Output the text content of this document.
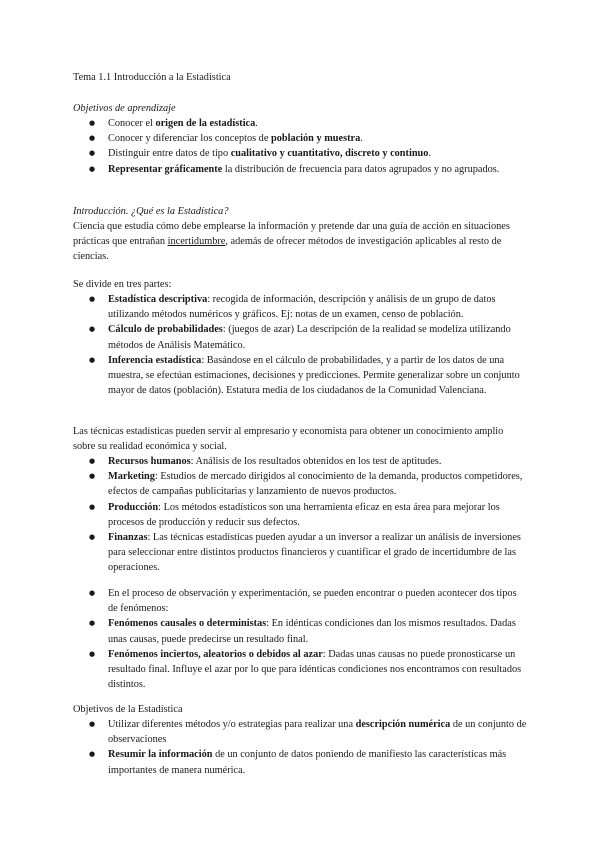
Tema 1.1 Introducción a la Estadística

Objetivos de aprendizaje

● Conocer el origen de la estadística.
● Conocer y diferenciar los conceptos de población y muestra.
● Distinguir entre datos de tipo cualitativo y cuantitativo, discreto y continuo.
● Representar gráficamente la distribución de frecuencia para datos agrupados y no agrupados.

Introducción. ¿Qué es la Estadística?

Ciencia que estudia cómo debe emplearse la información y pretende dar una guía de acción en situaciones prácticas que entrañan incertidumbre, además de ofrecer métodos de investigación aplicables al resto de ciencias.

Se divide en tres partes:

● Estadística descriptiva: recogida de información, descripción y análisis de un grupo de datos utilizando métodos numéricos y gráficos. Ej: notas de un examen, censo de población.
● Cálculo de probabilidades: (juegos de azar) La descripción de la realidad se modeliza utilizando métodos de Análisis Matemático.
● Inferencia estadística: Basándose en el cálculo de probabilidades, y a partir de los datos de una muestra, se efectúan estimaciones, decisiones y predicciones. Permite generalizar sobre un conjunto mayor de datos (población). Estatura media de los ciudadanos de la Comunidad Valenciana.

Las técnicas estadísticas pueden servir al empresario y economista para obtener un conocimiento amplio sobre su realidad económica y social.

● Recursos humanos: Análisis de los resultados obtenidos en los test de aptitudes.
● Marketing: Estudios de mercado dirigidos al conocimiento de la demanda, productos competidores, efectos de campañas publicitarias y lanzamiento de nuevos productos.
● Producción: Los métodos estadísticos son una herramienta eficaz en esta área para mejorar los procesos de producción y reducir sus defectos.
● Finanzas: Las técnicas estadísticas pueden ayudar a un inversor a realizar un análisis de inversiones para seleccionar entre distintos productos financieros y cuantificar el grado de incertidumbre de las operaciones.
● En el proceso de observación y experimentación, se pueden encontrar o pueden acontecer dos tipos de fenómenos:
● Fenómenos causales o deterministas: En idénticas condiciones dan los mismos resultados. Dadas unas causas, puede predecirse un resultado final.
● Fenómenos inciertos, aleatorios o debidos al azar: Dadas unas causas no puede pronosticarse un resultado final. Influye el azar por lo que para idénticas condiciones nos encontramos con resultados distintos.

Objetivos de la Estadística

● Utilizar diferentes métodos y/o estrategias para realizar una descripción numérica de un conjunto de observaciones
● Resumir la información de un conjunto de datos poniendo de manifiesto las características más importantes de manera numérica.
